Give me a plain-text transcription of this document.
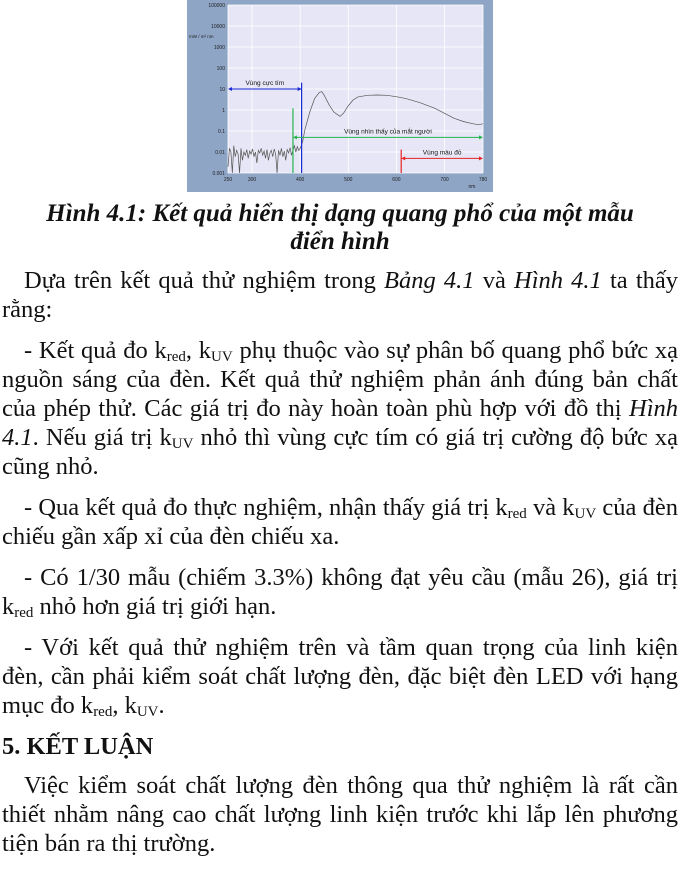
100000
10000
1000
100
10
1
0.1
0.01
0.001
250	300	400	500	600	700	780
nm
mW / m² nm
Vùng cực tím
Vùng nhìn thấy của mắt người
Vùng màu đỏ
Hình 4.1: Kết quả hiển thị dạng quang phổ của một mẫu
điển hình

Dựa trên kết quả thử nghiệm trong Bảng 4.1 và Hình 4.1 ta thấy rằng:

- Kết quả đo $k_{red}$, $k_{UV}$ phụ thuộc vào sự phân bố quang phổ bức xạ nguồn sáng của đèn. Kết quả thử nghiệm phản ánh đúng bản chất của phép thử. Các giá trị đo này hoàn toàn phù hợp với đồ thị Hình 4.1. Nếu giá trị $k_{UV}$ nhỏ thì vùng cực tím có giá trị cường độ bức xạ cũng nhỏ.

- Qua kết quả đo thực nghiệm, nhận thấy giá trị $k_{red}$ và $k_{UV}$ của đèn chiếu gần xấp xỉ của đèn chiếu xa.

- Có 1/30 mẫu (chiếm 3.3%) không đạt yêu cầu (mẫu 26), giá trị $k_{red}$ nhỏ hơn giá trị giới hạn.

- Với kết quả thử nghiệm trên và tầm quan trọng của linh kiện đèn, cần phải kiểm soát chất lượng đèn, đặc biệt đèn LED với hạng mục đo $k_{red}$, $k_{UV}$.

5. KẾT LUẬN

Việc kiểm soát chất lượng đèn thông qua thử nghiệm là rất cần thiết nhằm nâng cao chất lượng linh kiện trước khi lắp lên phương tiện bán ra thị trường.
